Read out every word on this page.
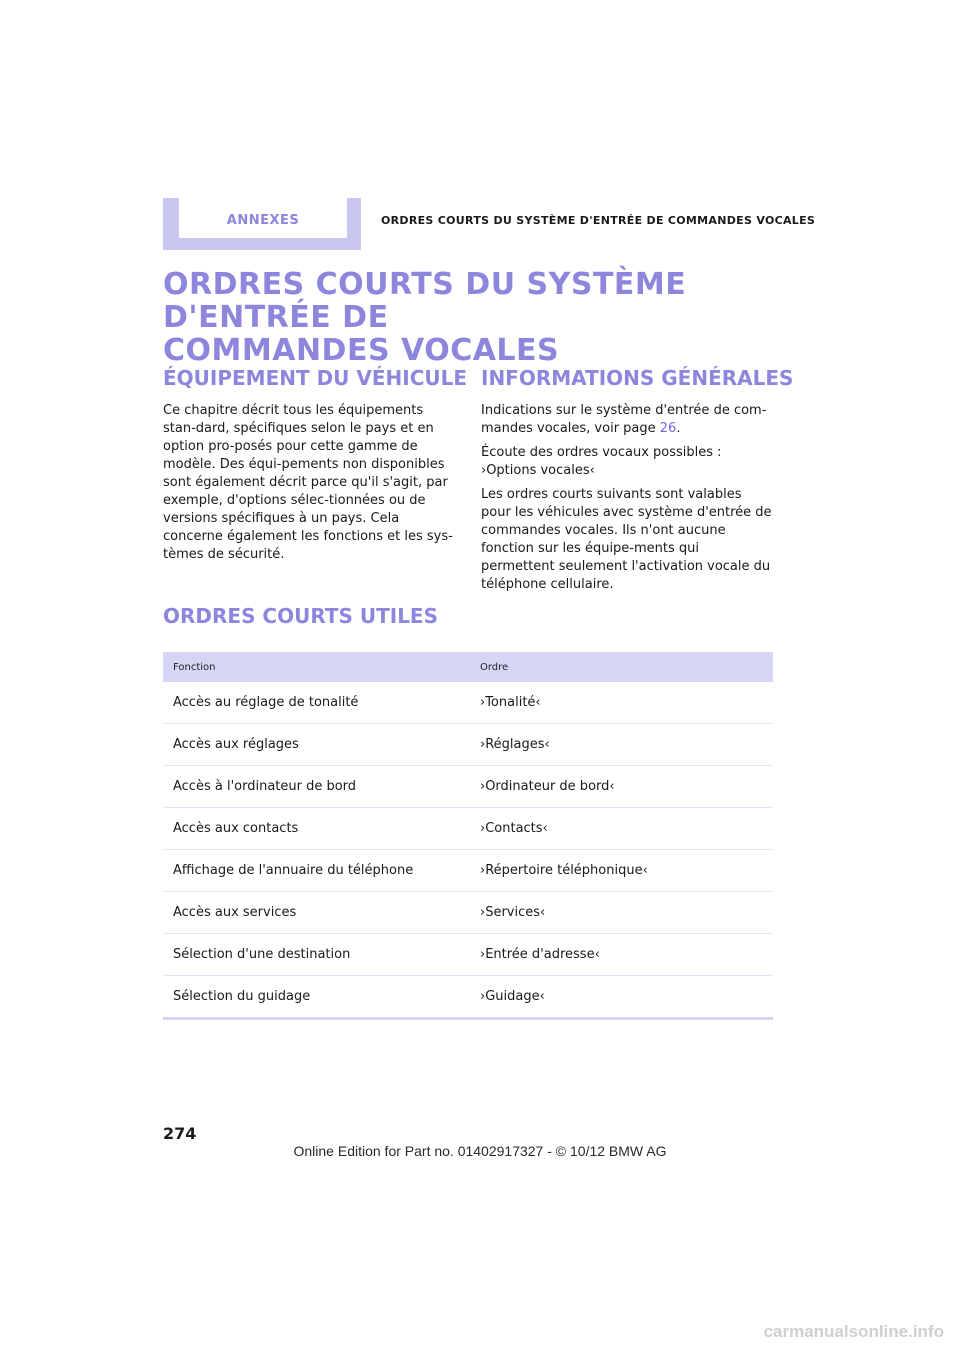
ANNEXES	ORDRES COURTS DU SYSTÈME D'ENTRÉE DE COMMANDES VOCALES
ORDRES COURTS DU SYSTÈME D'ENTRÉE DE
COMMANDES VOCALES
ÉQUIPEMENT DU VÉHICULE

Ce chapitre décrit tous les équipements stan-dard, spécifiques selon le pays et en option pro-posés pour cette gamme de modèle. Des équi-pements non disponibles sont également décrit parce qu'il s'agit, par exemple, d'options sélec-tionnées ou de versions spécifiques à un pays. Cela concerne également les fonctions et les sys-tèmes de sécurité.

INFORMATIONS GÉNÉRALES

Indications sur le système d'entrée de com-mandes vocales, voir page 26.

Écoute des ordres vocaux possibles : ›Options vocales‹

Les ordres courts suivants sont valables pour les véhicules avec système d'entrée de commandes vocales. Ils n'ont aucune fonction sur les équipe-ments qui permettent seulement l'activation vocale du téléphone cellulaire.

ORDRES COURTS UTILES
Fonction	Ordre
Accès au réglage de tonalité	›Tonalité‹
Accès aux réglages	›Réglages‹
Accès à l'ordinateur de bord	›Ordinateur de bord‹
Accès aux contacts	›Contacts‹
Affichage de l'annuaire du téléphone	›Répertoire téléphonique‹
Accès aux services	›Services‹
Sélection d'une destination	›Entrée d'adresse‹
Sélection du guidage	›Guidage‹
274
Online Edition for Part no. 01402917327 - © 10/12 BMW AG
carmanualsonline.info
